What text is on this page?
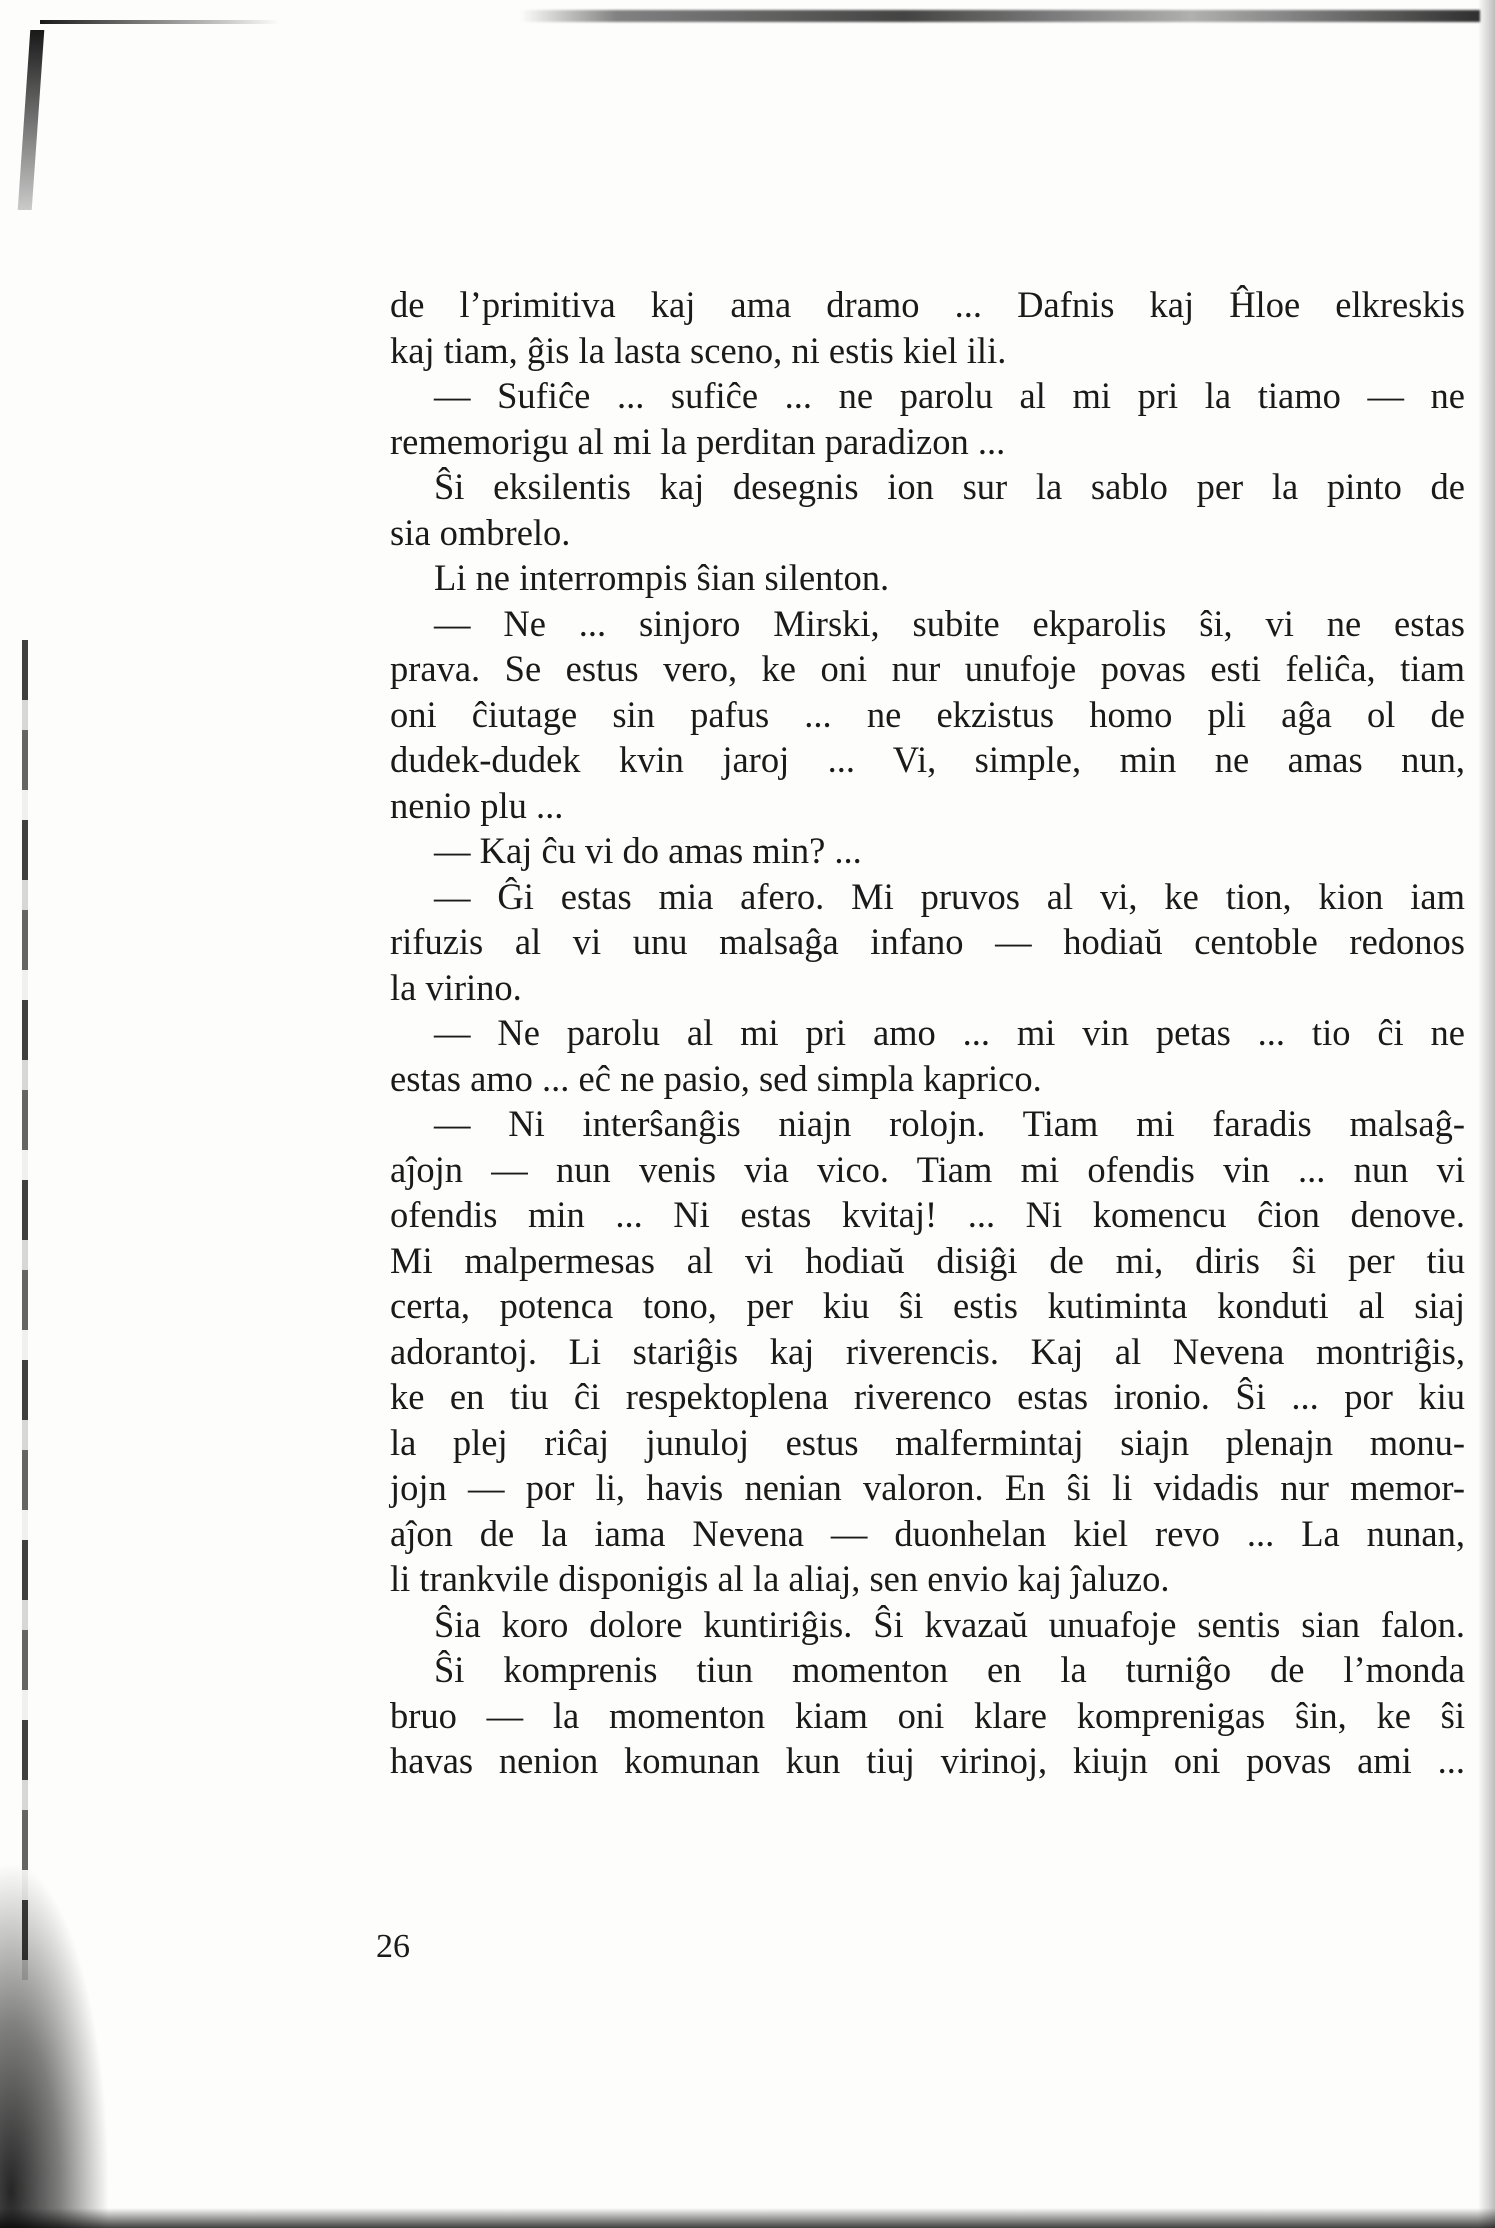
de l’primitiva kaj ama dramo ... Dafnis kaj Ĥloe elkreskis
kaj tiam, ĝis la lasta sceno, ni estis kiel ili.
— Sufiĉe ... sufiĉe ... ne parolu al mi pri la tiamo — ne
rememorigu al mi la perditan paradizon ...
Ŝi eksilentis kaj desegnis ion sur la sablo per la pinto de
sia ombrelo.
Li ne interrompis ŝian silenton.
— Ne ... sinjoro Mirski, subite ekparolis ŝi, vi ne estas
prava. Se estus vero, ke oni nur unufoje povas esti feliĉa, tiam
oni ĉiutage sin pafus ... ne ekzistus homo pli aĝa ol de
dudek-dudek kvin jaroj ... Vi, simple, min ne amas nun,
nenio plu ...
— Kaj ĉu vi do amas min? ...
— Ĝi estas mia afero. Mi pruvos al vi, ke tion, kion iam
rifuzis al vi unu malsaĝa infano — hodiaŭ centoble redonos
la virino.
— Ne parolu al mi pri amo ... mi vin petas ... tio ĉi ne
estas amo ... eĉ ne pasio, sed simpla kaprico.
— Ni interŝanĝis niajn rolojn. Tiam mi faradis malsaĝ-
aĵojn — nun venis via vico. Tiam mi ofendis vin ... nun vi
ofendis min ... Ni estas kvitaj! ... Ni komencu ĉion denove.
Mi malpermesas al vi hodiaŭ disiĝi de mi, diris ŝi per tiu
certa, potenca tono, per kiu ŝi estis kutiminta konduti al siaj
adorantoj. Li stariĝis kaj riverencis. Kaj al Nevena montriĝis,
ke en tiu ĉi respektoplena riverenco estas ironio. Ŝi ... por kiu
la plej riĉaj junuloj estus malfermintaj siajn plenajn monu-
jojn — por li, havis nenian valoron. En ŝi li vidadis nur memor-
aĵon de la iama Nevena — duonhelan kiel revo ... La nunan,
li trankvile disponigis al la aliaj, sen envio kaj ĵaluzo.
Ŝia koro dolore kuntiriĝis. Ŝi kvazaŭ unuafoje sentis sian falon.
Ŝi komprenis tiun momenton en la turniĝo de l’monda
bruo — la momenton kiam oni klare komprenigas ŝin, ke ŝi
havas nenion komunan kun tiuj virinoj, kiujn oni povas ami ...
26
